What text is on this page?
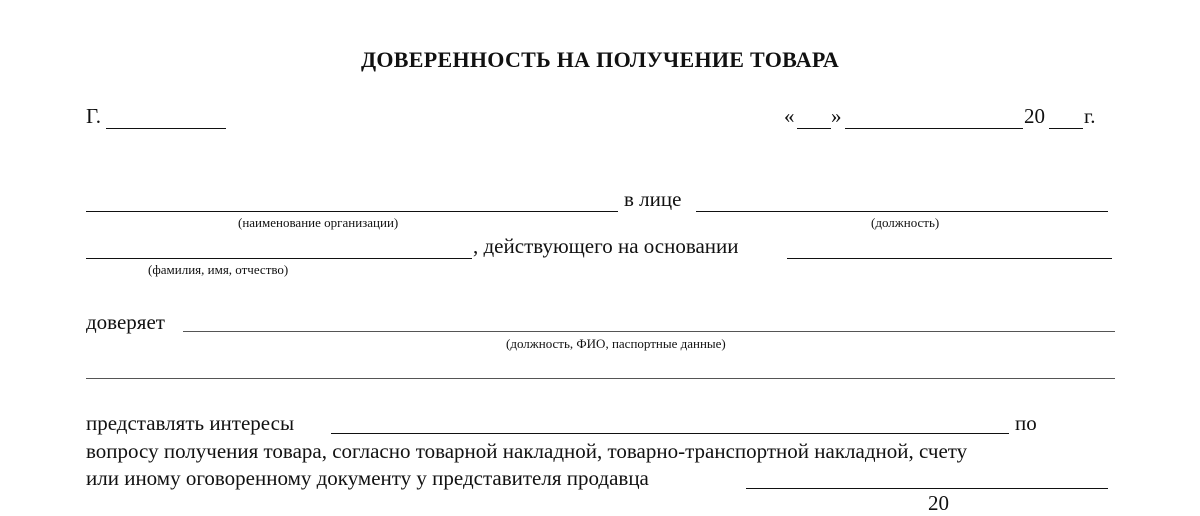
ДОВЕРЕННОСТЬ НА ПОЛУЧЕНИЕ ТОВАРА
Г.	« »	20 г.
в лице
(наименование организации)	(должность)
, действующего на основании
(фамилия, имя, отчество)
доверяет
(должность, ФИО, паспортные данные)
представлять интересы	по
вопросу получения товара, согласно товарной накладной, товарно-транспортной накладной, счету
или иному оговоренному документу у представителя продавца
20
